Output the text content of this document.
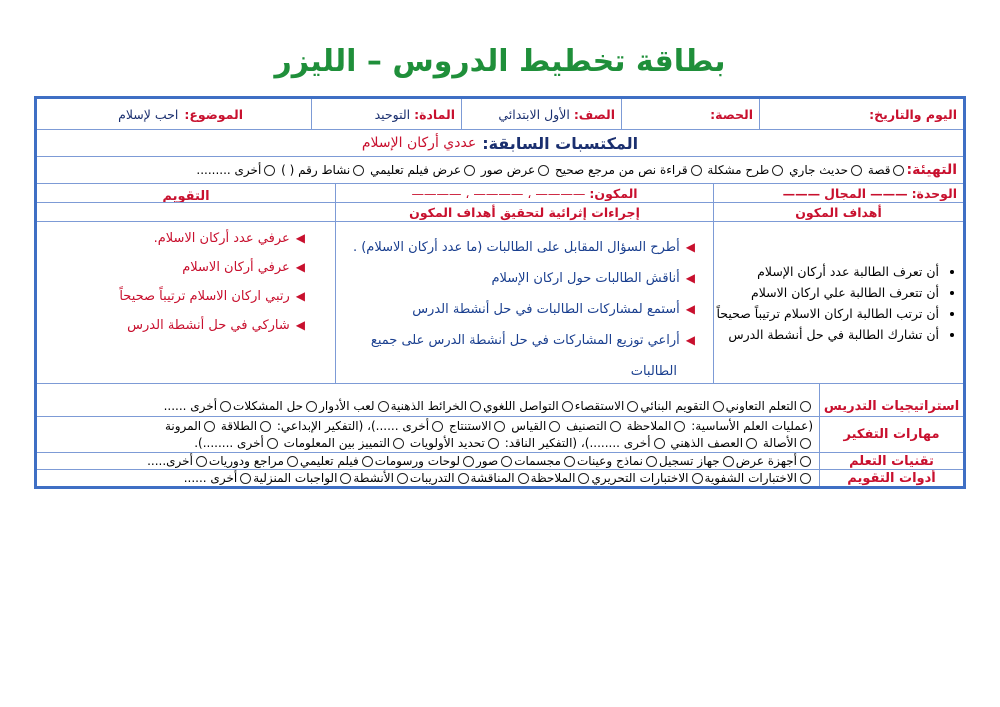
بطاقة تخطيط الدروس – الليزر
اليوم والتاريخ:
الحصة:
الصف:
الأول الابتدائي
المادة:
التوحيد
الموضوع:
احب لإسلام
المكتسبات السابقة:
عددي أركان الإسلام
التهيئة:
قصة حديث جاري طرح مشكلة قراءة نص من مرجع صحيح عرض صور عرض فيلم تعليمي نشاط رقم ( ) أخرى .........
الوحدة:
———
المجال
———
المكون:
———— ، ———— ، ————
التقويم
أهداف المكون
إجراءات إثرائية لتحقيق أهداف المكون
• أن تعرف الطالبة عدد أركان الإسلام
• أن تتعرف الطالبة علي اركان الاسلام
• أن ترتب الطالبة اركان الاسلام ترتيباً صحيحاً
• أن تشارك الطالبة في حل أنشطة الدرس
◀أطرح السؤال المقابل على الطالبات (ما عدد أركان الاسلام) .
◀أناقش الطالبات حول اركان الإسلام
◀أستمع لمشاركات الطالبات في حل أنشطة الدرس
◀أراعي توزيع المشاركات في حل أنشطة الدرس على جميع
الطالبات
◀عرفي عدد أركان الاسلام.
◀عرفي أركان الاسلام
◀رتبي اركان الاسلام ترتيباً صحيحاً
◀شاركي في حل أنشطة الدرس
استراتيجيات التدريس
التعلم التعاوني
التقويم البنائي
الاستقصاء
التواصل اللغوي
الخرائط الذهنية
لعب الأدوار
حل المشكلات
أخرى ......
مهارات التفكير
(عمليات العلم الأساسية: الملاحظة التصنيف القياس الاستنتاج أخرى ......)، (التفكير الإبداعي: الطلاقة المرونة
الأصالة العصف الذهني أخرى ........)، (التفكير الناقد: تحديد الأولويات التمييز بين المعلومات أخرى ........).
تقنيات التعلم
أجهزة عرض
جهاز تسجيل
نماذج وعينات
مجسمات
صور
لوحات ورسومات
فيلم تعليمي
مراجع ودوريات
أخرى.....
أدوات التقويم
الاختبارات الشفوية
الاختبارات التحريري
الملاحظة
المناقشة
التدريبات
الأنشطة
الواجبات المنزلية
أخرى ......
